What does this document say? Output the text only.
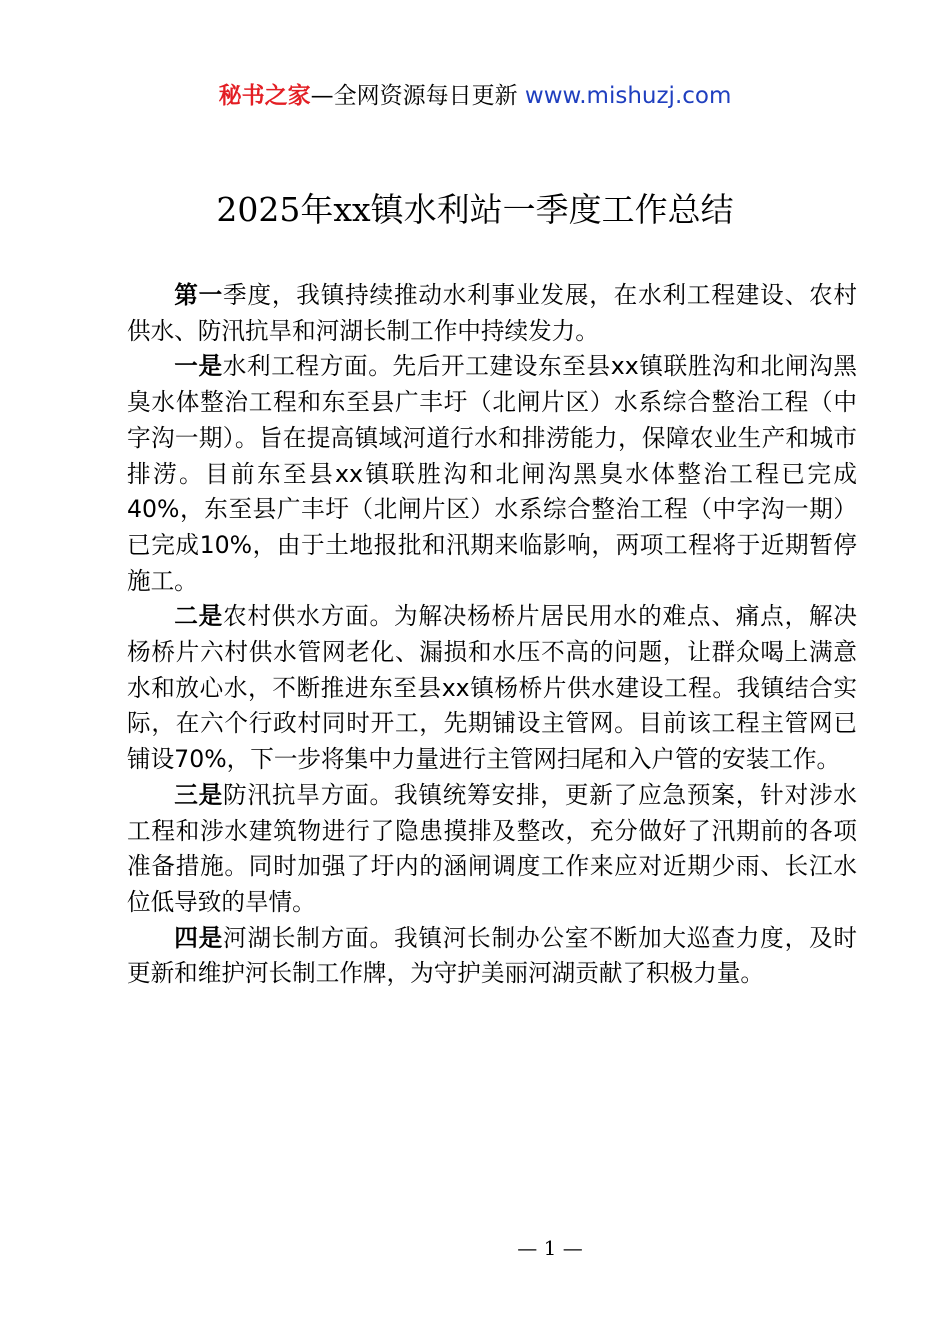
秘书之家—全网资源每日更新 www.mishuzj.com
2025年xx镇水利站一季度工作总结

第一季度，我镇持续推动水利事业发展，在水利工程建设、农村供水、防汛抗旱和河湖长制工作中持续发力。

一是水利工程方面。先后开工建设东至县xx镇联胜沟和北闸沟黑臭水体整治工程和东至县广丰圩（北闸片区）水系综合整治工程（中字沟一期）。旨在提高镇域河道行水和排涝能力，保障农业生产和城市排涝。目前东至县xx镇联胜沟和北闸沟黑臭水体整治工程已完成40%，东至县广丰圩（北闸片区）水系综合整治工程（中字沟一期）已完成10%，由于土地报批和汛期来临影响，两项工程将于近期暂停施工。

二是农村供水方面。为解决杨桥片居民用水的难点、痛点，解决杨桥片六村供水管网老化、漏损和水压不高的问题，让群众喝上满意水和放心水，不断推进东至县xx镇杨桥片供水建设工程。我镇结合实际，在六个行政村同时开工，先期铺设主管网。目前该工程主管网已铺设70%，下一步将集中力量进行主管网扫尾和入户管的安装工作。

三是防汛抗旱方面。我镇统筹安排，更新了应急预案，针对涉水工程和涉水建筑物进行了隐患摸排及整改，充分做好了汛期前的各项准备措施。同时加强了圩内的涵闸调度工作来应对近期少雨、长江水位低导致的旱情。

四是河湖长制方面。我镇河长制办公室不断加大巡查力度，及时更新和维护河长制工作牌，为守护美丽河湖贡献了积极力量。

— 1 —
